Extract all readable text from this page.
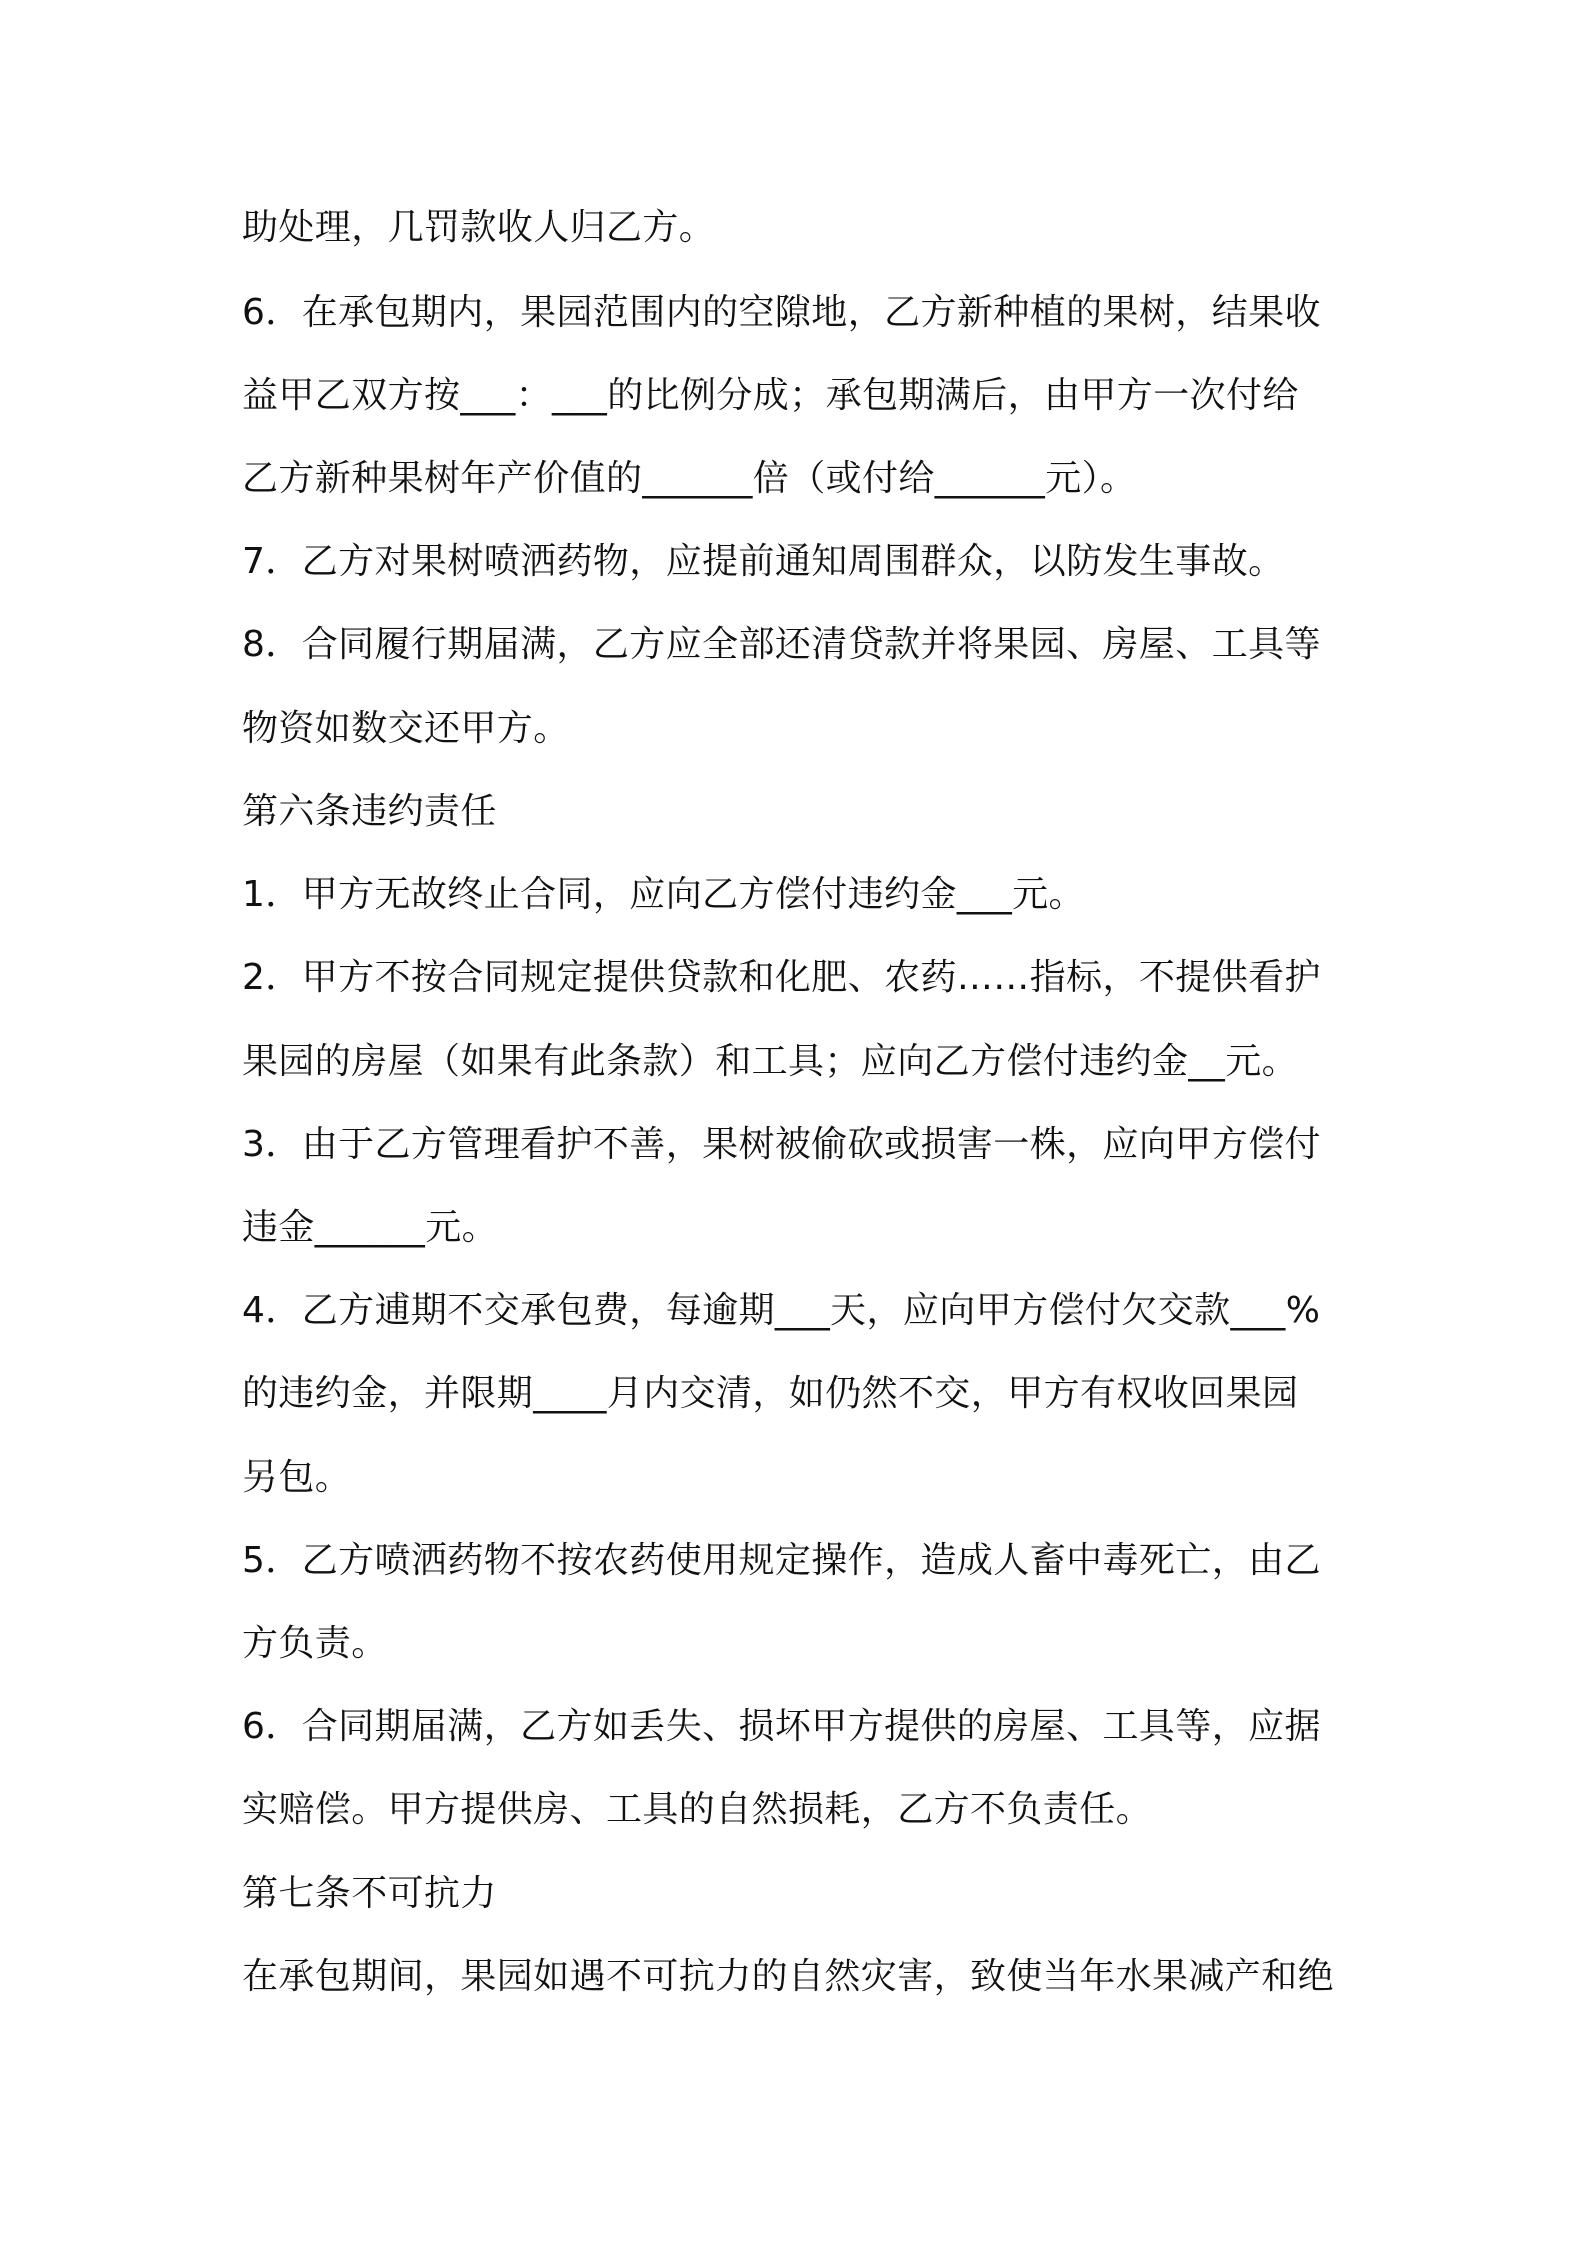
助处理，几罚款收人归乙方。
6．在承包期内，果园范围内的空隙地，乙方新种植的果树，结果收
益甲乙双方按___：___的比例分成；承包期满后，由甲方一次付给
乙方新种果树年产价值的______倍（或付给______元）。
7．乙方对果树喷洒药物，应提前通知周围群众，以防发生事故。
8．合同履行期届满，乙方应全部还清贷款并将果园、房屋、工具等
物资如数交还甲方。
第六条违约责任
1．甲方无故终止合同，应向乙方偿付违约金___元。
2．甲方不按合同规定提供贷款和化肥、农药……指标，不提供看护
果园的房屋（如果有此条款）和工具；应向乙方偿付违约金__元。
3．由于乙方管理看护不善，果树被偷砍或损害一株，应向甲方偿付
违金______元。
4．乙方逋期不交承包费，每逾期___天，应向甲方偿付欠交款___%
的违约金，并限期____月内交清，如仍然不交，甲方有权收回果园
另包。
5．乙方喷洒药物不按农药使用规定操作，造成人畜中毒死亡，由乙
方负责。
6．合同期届满，乙方如丢失、损坏甲方提供的房屋、工具等，应据
实赔偿。甲方提供房、工具的自然损耗，乙方不负责任。
第七条不可抗力
在承包期间，果园如遇不可抗力的自然灾害，致使当年水果减产和绝
